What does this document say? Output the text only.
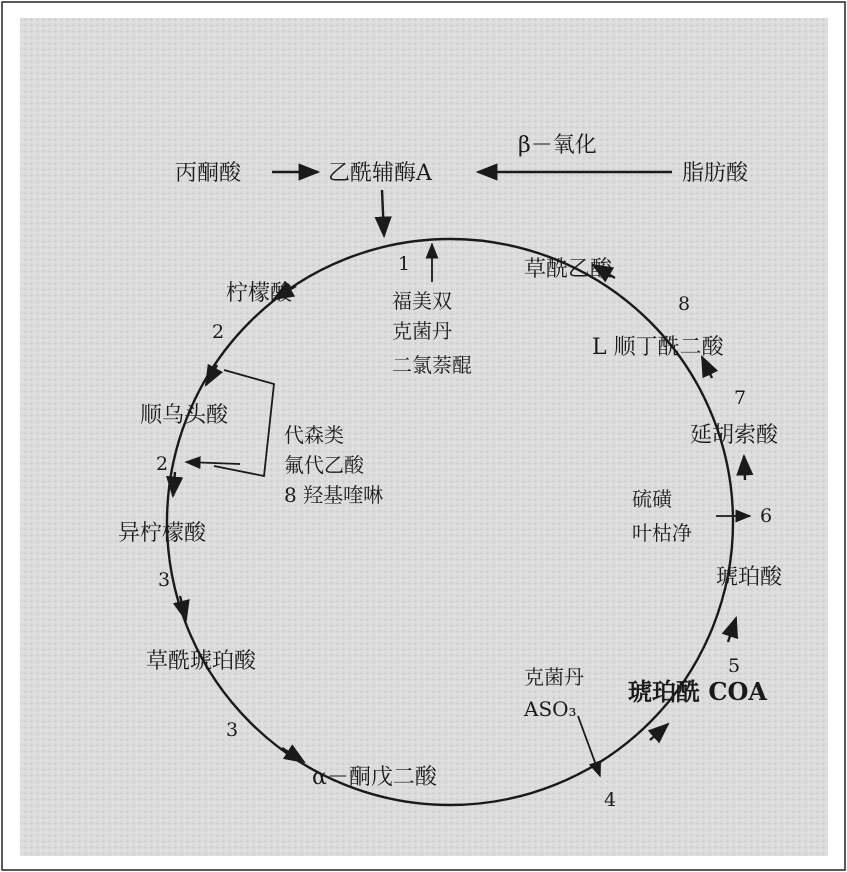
丙酮酸	乙酰辅酶A
β－氧化
脂肪酸
柠檬酸
顺乌头酸
异柠檬酸
草酰琥珀酸
α－酮戊二酸
琥珀酰 COA
琥珀酸
延胡索酸
L 顺丁酰二酸
草酰乙酸
1
2
2
3
3
4
5
6
7
8
福美双
克菌丹
二氯萘醌
代森类
氟代乙酸
8 羟基喹啉
克菌丹
ASO₃
硫磺
叶枯净
